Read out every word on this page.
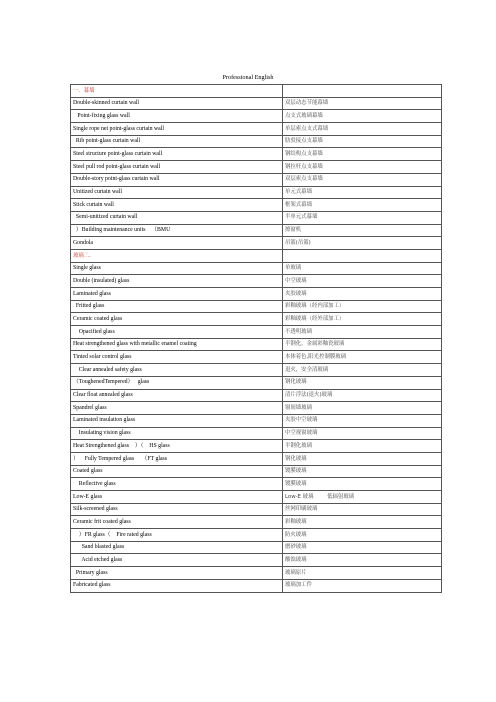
Professional English
一．幕墙	
Double-skinned curtain wall	双层动态节能幕墙
Point-fixing glass wall	点支式玻璃幕墙
Single rope net point-glass curtain wall	单层索点支式幕墙
Rib point-glass curtain wall	肋驳接点支幕墙
Steel structure point-glass curtain wall	钢结构点支幕墙
Steel pull rod point-glass curtain wall	钢拉杆点支幕墙
Double-story point-glass curtain wall	双层索点支幕墙
Unitized curtain wall	单元式幕墙
Stick curtain wall	框架式幕墙
Semi-unitized curtain wall	半单元式幕墙
）Building maintenance units    （BMU	擦窗机
Gondola	吊篮(吊篮)
玻璃二．	
Single glass	单玻璃
Double (insulated) glass	中空玻璃
Laminated glass	夹胶玻璃
Fritted glass	彩釉玻璃（经内部加工）
Ceramic coated glass	彩釉玻璃（经外部加工）
Opacified glass	不透明玻璃
Heat strengthened glass with metallic enamel coating	半钢化，金属彩釉瓷玻璃
Tinted solar control glass	本体着色,阳光控制膜玻璃
Clear annealed safety glass	退火，安全清玻璃
（ToughenedTempered）   glass	钢化玻璃
Clear float annealed glass	清片浮法(退火)玻璃
Spandrel glass	窗间墙玻璃
Laminated insulation glass	夹胶中空玻璃
Insulating vision glass	中空视窗玻璃
Heat Strengthened glass    ）（    HS glass	半钢化玻璃
）    Fully Tempered glass     （FT glass	钢化玻璃
Coated glass	镀膜玻璃
Reflective glass	镀膜玻璃
Low-E glass	Low-E 玻璃        低辐射玻璃
Silk-screened glass	丝网印刷玻璃
Ceramic frit coated glass	彩釉玻璃
）FR glass（    Fire rated glass	防火玻璃
Sand blasted glass	磨砂玻璃
Acid etched glass	酸蚀玻璃
Primary glass	玻璃原片
Fabricated glass	玻璃加工件
